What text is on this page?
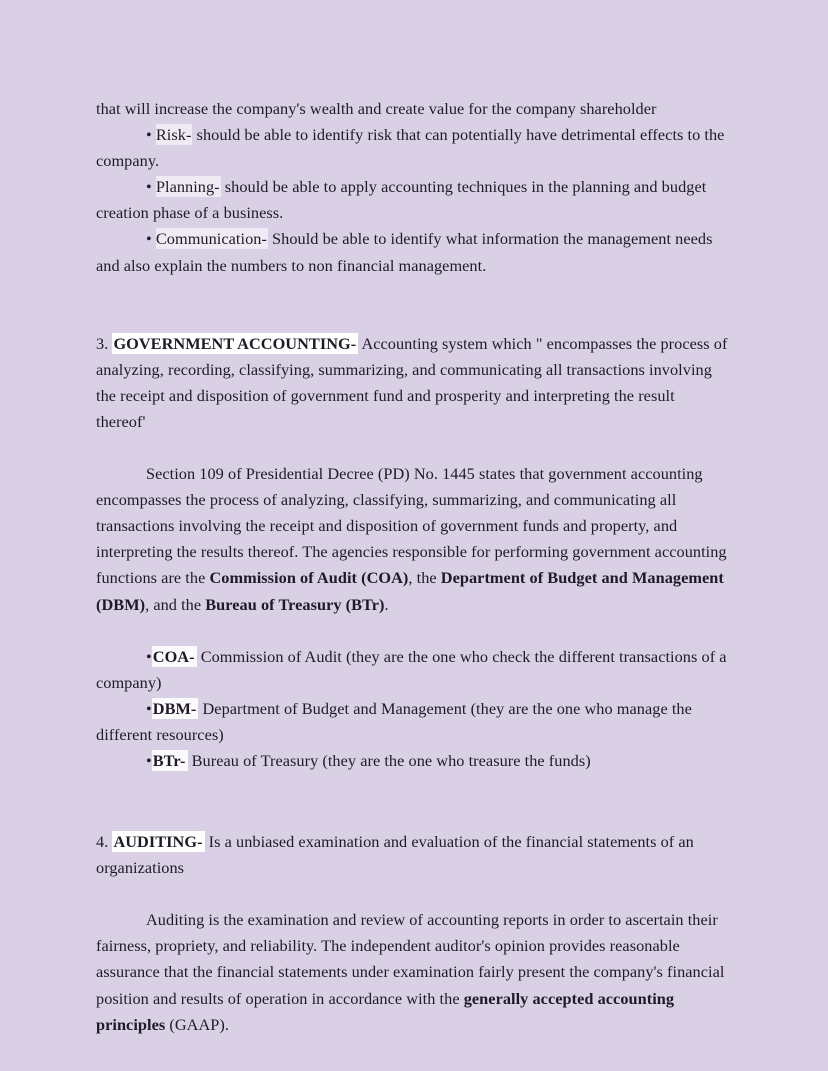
that will increase the company's wealth and create value for the company shareholder

• Risk- should be able to identify risk that can potentially have detrimental effects to the company.

• Planning- should be able to apply accounting techniques in the planning and budget creation phase of a business.

• Communication- Should be able to identify what information the management needs and also explain the numbers to non financial management.

3. GOVERNMENT ACCOUNTING- Accounting system which " encompasses the process of analyzing, recording, classifying, summarizing, and communicating all transactions involving the receipt and disposition of government fund and prosperity and interpreting the result thereof'

Section 109 of Presidential Decree (PD) No. 1445 states that government accounting encompasses the process of analyzing, classifying, summarizing, and communicating all transactions involving the receipt and disposition of government funds and property, and interpreting the results thereof. The agencies responsible for performing government accounting functions are the Commission of Audit (COA), the Department of Budget and Management (DBM), and the Bureau of Treasury (BTr).

•COA- Commission of Audit (they are the one who check the different transactions of a company)

•DBM- Department of Budget and Management (they are the one who manage the different resources)

•BTr- Bureau of Treasury (they are the one who treasure the funds)

4. AUDITING- Is a unbiased examination and evaluation of the financial statements of an organizations

Auditing is the examination and review of accounting reports in order to ascertain their fairness, propriety, and reliability. The independent auditor's opinion provides reasonable assurance that the financial statements under examination fairly present the company's financial position and results of operation in accordance with the generally accepted accounting principles (GAAP).
